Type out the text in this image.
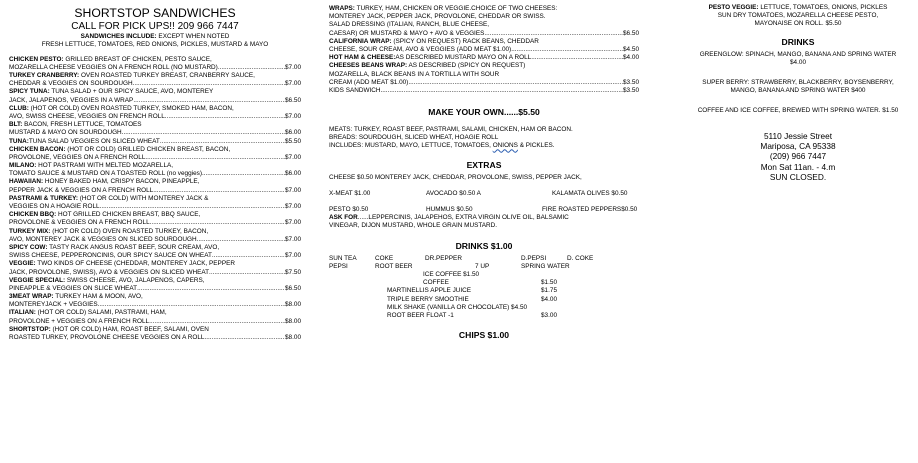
SHORTSTOP SANDWICHES
CALL FOR PICK UPS!! 209 966 7447
SANDWICHES INCLUDE: EXCEPT WHEN NOTED
FRESH LETTUCE, TOMATOES, RED ONIONS, PICKLES, MUSTARD & MAYO
CHICKEN PESTO: GRILLED BREAST OF CHICKEN, PESTO SAUCE,
MOZARELLA CHEESE VEGGIES ON A FRENCH ROLL (NO MUSTARD) .....	$7.00
TURKEY CRANBERRY: OVEN ROASTED TURKEY BREAST, CRANBERRY SAUCE,
CHEDDAR & VEGGIES ON SOURDOUGH .....	$7.00
SPICY TUNA: TUNA SALAD + OUR SPICY SAUCE, AVO, MONTEREY
JACK, JALAPENOS, VEGGIES IN A WRAP .....	$6.50
CLUB: (HOT OR COLD) OVEN ROASTED TURKEY, SMOKED HAM, BACON,
AVO, SWISS CHEESE, VEGGIES ON FRENCH ROLL .....	$7.00
BLT: BACON, FRESH LETTUCE, TOMATOES
MUSTARD & MAYO ON SOURDOUGH .....	$6.00
TUNA: TUNA SALAD VEGGIES ON SLICED WHEAT .....	$5.50
CHICKEN BACON: (HOT OR COLD) GRILLED CHICKEN BREAST, BACON,
PROVOLONE, VEGGIES ON A FRENCH ROLL .....	$7.00
MILANO: HOT PASTRAMI WITH MELTED MOZARELLA,
TOMATO SAUCE & MUSTARD ON A TOASTED ROLL (no veggies) .....	$6.00
HAWAIIAN: HONEY BAKED HAM, CRISPY BACON, PINEAPPLE,
PEPPER JACK & VEGGIES ON A FRENCH ROLL .....	$7.00
PASTRAMI & TURKEY: (HOT OR COLD) WITH MONTEREY JACK &
VEGGIES ON A HOAGIE ROLL .....	$7.00
CHICKEN BBQ: HOT GRILLED CHICKEN BREAST, BBQ SAUCE,
PROVOLONE & VEGGIES ON A FRENCH ROLL .....	$7.00
TURKEY MIX: (HOT OR COLD) OVEN ROASTED TURKEY, BACON,
AVO, MONTEREY JACK & VEGGIES ON SLICED SOURDOUGH .....	$7.00
SPICY COW: TASTY RACK ANGUS ROAST BEEF, SOUR CREAM, AVO,
SWISS CHEESE, PEPPERONCINIS, OUR SPICY SAUCE ON WHEAT .....	$7.00
VEGGIE: TWO KINDS OF CHEESE (CHEDDAR, MONTEREY JACK, PEPPER
JACK, PROVOLONE, SWISS), AVO & VEGGIES ON SLICED WHEAT .....	$7.50
VEGGIE SPECIAL: SWISS CHEESE, AVO, JALAPENOS, CAPERS,
PINEAPPLE & VEGGIES ON SLICE WHEAT .....	$6.50
3MEAT WRAP: TURKEY HAM & MOON, AVO,
MONTEREYJACK + VEGGIES .....	$8.00
ITALIAN: (HOT OR COLD) SALAMI, PASTRAMI, HAM,
PROVOLONE + VEGGIES ON A FRENCH ROLL .....	$8.00
SHORTSTOP: (HOT OR COLD) HAM, ROAST BEEF, SALAMI, OVEN
ROASTED TURKEY, PROVOLONE CHEESE VEGGIES ON A ROLL .....	$8.00
WRAPS: TURKEY, HAM, CHICKEN OR VEGGIE.CHOICE OF TWO CHEESES:
MONTEREY JACK, PEPPER JACK, PROVOLONE, CHEDDAR OR SWISS.
SALAD DRESSING (ITALIAN, RANCH, BLUE CHEESE,
CAESAR) OR MUSTARD & MAYO + AVO & VEGGIES .....	$6.50
CALIFORNIA WRAP: (SPICY ON REQUEST) RACK BEANS, CHEDDAR
CHEESE, SOUR CREAM, AVO & VEGGIES (ADD MEAT $1.00) .....	$4.50
HOT HAM & CHEESE: AS DESCRIBED MUSTARD MAYO ON A ROLL .....	$4.00
CHEESES BEANS WRAP: AS DESCRIBED (SPICY ON REQUEST)
MOZARELLA, BLACK BEANS IN A TORTILLA WITH SOUR
CREAM (ADD MEAT $1.00) .....	$3.50
KIDS SANDWICH .....	$3.50
MAKE YOUR OWN......$5.50
MEATS: TURKEY, ROAST BEEF, PASTRAMI, SALAMI, CHICKEN, HAM OR BACON.
BREADS: SOURDOUGH, SLICED WHEAT, HOAGIE ROLL
INCLUDES: MUSTARD, MAYO, LETTUCE, TOMATOES, ONIONS & PICKLES.
EXTRAS
CHEESE $0.50 MONTEREY JACK, CHEDDAR, PROVOLONE, SWISS, PEPPER JACK,
X-MEAT $1.00	AVOCADO $0.50 A	KALAMATA OLIVES $0.50
PESTO $0.50	HUMMUS $0.50	FIRE ROASTED PEPPERS$0.50
ASK FOR......LEPPERCINIS, JALAPEHOS, EXTRA VIRGIN OLIVE OIL, BALSAMIC
VINEGAR, DIJON MUSTARD, WHOLE GRAIN MUSTARD.
DRINKS $1.00
SUN TEA	COKE	DR.PEPPER	D.PEPSI	D. COKE
PEPSI	ROOT BEER	7 UP	SPRING WATER
ICE COFFEE $1.50
COFFEE	$1.50
MARTINELLIS APPLE JUICE	$1.75
TRIPLE BERRY SMOOTHIE	$4.00
MILK SHAKE (VANILLA OR CHOCOLATE) $4.50
ROOT BEER FLOAT -1	$3.00
CHIPS $1.00
PESTO VEGGIE: LETTUCE, TOMATOES, ONIONS, PICKLES
SUN DRY TOMATOES, MOZARELLA CHEESE PESTO,
MAYONAISE ON ROLL. $5.50
DRINKS
GREENGLOW: SPINACH, MANGO, BANANA AND SPRING WATER $4.00
SUPER BERRY: STRAWBERRY, BLACKBERRY, BOYSENBERRY, MANGO, BANANA AND SPRING WATER $400
COFFEE AND ICE COFFEE, BREWED WITH SPRING WATER. $1.50
5110 Jessie Street
Mariposa, CA 95338
(209) 966 7447
Mon Sat 11an. - 4.m
SUN CLOSED.
